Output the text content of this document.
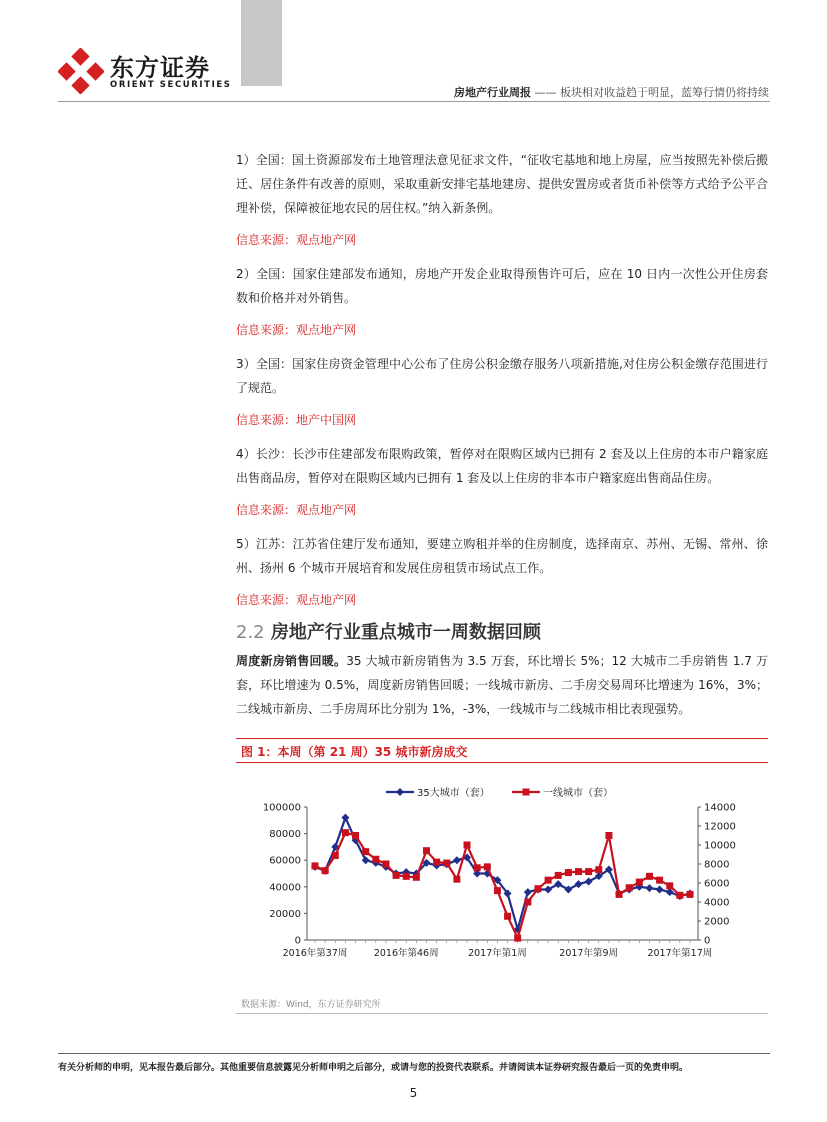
东方证券
ORIENT SECURITIES
房地产行业周报 —— 板块相对收益趋于明显，蓝筹行情仍将持续

1）全国：国土资源部发布土地管理法意见征求文件，“征收宅基地和地上房屋，应当按照先补偿后搬迁、居住条件有改善的原则，采取重新安排宅基地建房、提供安置房或者货币补偿等方式给予公平合理补偿，保障被征地农民的居住权。”纳入新条例。

信息来源：观点地产网

2）全国：国家住建部发布通知，房地产开发企业取得预售许可后，应在 10 日内一次性公开住房套数和价格并对外销售。

信息来源：观点地产网

3）全国：国家住房资金管理中心公布了住房公积金缴存服务八项新措施,对住房公积金缴存范围进行了规范。

信息来源：地产中国网

4）长沙：长沙市住建部发布限购政策，暂停对在限购区域内已拥有 2 套及以上住房的本市户籍家庭出售商品房，暂停对在限购区域内已拥有 1 套及以上住房的非本市户籍家庭出售商品住房。

信息来源：观点地产网

5）江苏：江苏省住建厅发布通知，要建立购租并举的住房制度，选择南京、苏州、无锡、常州、徐州、扬州 6 个城市开展培育和发展住房租赁市场试点工作。

信息来源：观点地产网

2.2 房地产行业重点城市一周数据回顾

周度新房销售回暖。35 大城市新房销售为 3.5 万套，环比增长 5%；12 大城市二手房销售 1.7 万套，环比增速为 0.5%，周度新房销售回暖；一线城市新房、二手房交易周环比增速为 16%，3%；二线城市新房、二手房周环比分别为 1%，-3%，一线城市与二线城市相比表现强势。

图 1：本周（第 21 周）35 城市新房成交
100000
80000
60000
40000
20000
0
14000
12000
10000
8000
6000
4000
2000
0
2016年第37周	2016年第46周	2017年第1周	2017年第9周	2017年第17周
35大城市（套）	一线城市（套）
数据来源：Wind，东方证券研究所
有关分析师的申明，见本报告最后部分。其他重要信息披露见分析师申明之后部分，或请与您的投资代表联系。并请阅读本证券研究报告最后一页的免责申明。
5
